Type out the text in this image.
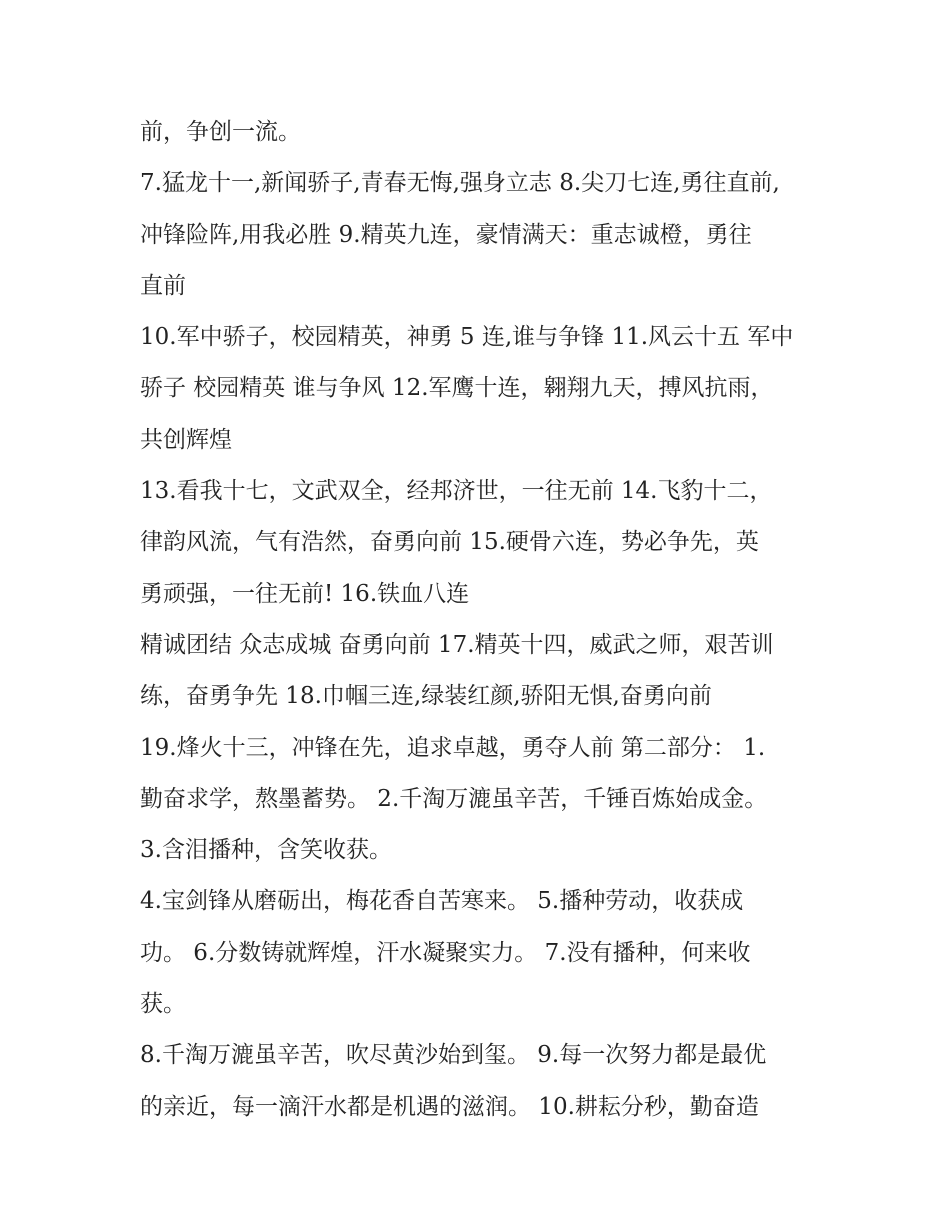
前，争创一流。
7.猛龙十一,新闻骄子,青春无悔,强身立志 8.尖刀七连,勇往直前,
冲锋险阵,用我必胜 9.精英九连，豪情满天：重志诚橙，勇往
直前
10.军中骄子，校园精英，神勇 5 连,谁与争锋 11.风云十五 军中
骄子 校园精英 谁与争风 12.军鹰十连，翱翔九天，搏风抗雨，
共创辉煌
13.看我十七，文武双全，经邦济世，一往无前 14.飞豹十二，
律韵风流，气有浩然，奋勇向前 15.硬骨六连，势必争先，英
勇顽强，一往无前! 16.铁血八连
精诚团结 众志成城 奋勇向前 17.精英十四，威武之师，艰苦训
练，奋勇争先 18.巾帼三连,绿装红颜,骄阳无惧,奋勇向前
19.烽火十三，冲锋在先，追求卓越，勇夺人前 第二部分： 1.
勤奋求学，熬墨蓄势。 2.千淘万漉虽辛苦，千锤百炼始成金。
3.含泪播种，含笑收获。
4.宝剑锋从磨砺出，梅花香自苦寒来。 5.播种劳动，收获成
功。 6.分数铸就辉煌，汗水凝聚实力。 7.没有播种，何来收
获。
8.千淘万漉虽辛苦，吹尽黄沙始到玺。 9.每一次努力都是最优
的亲近，每一滴汗水都是机遇的滋润。 10.耕耘分秒，勤奋造
